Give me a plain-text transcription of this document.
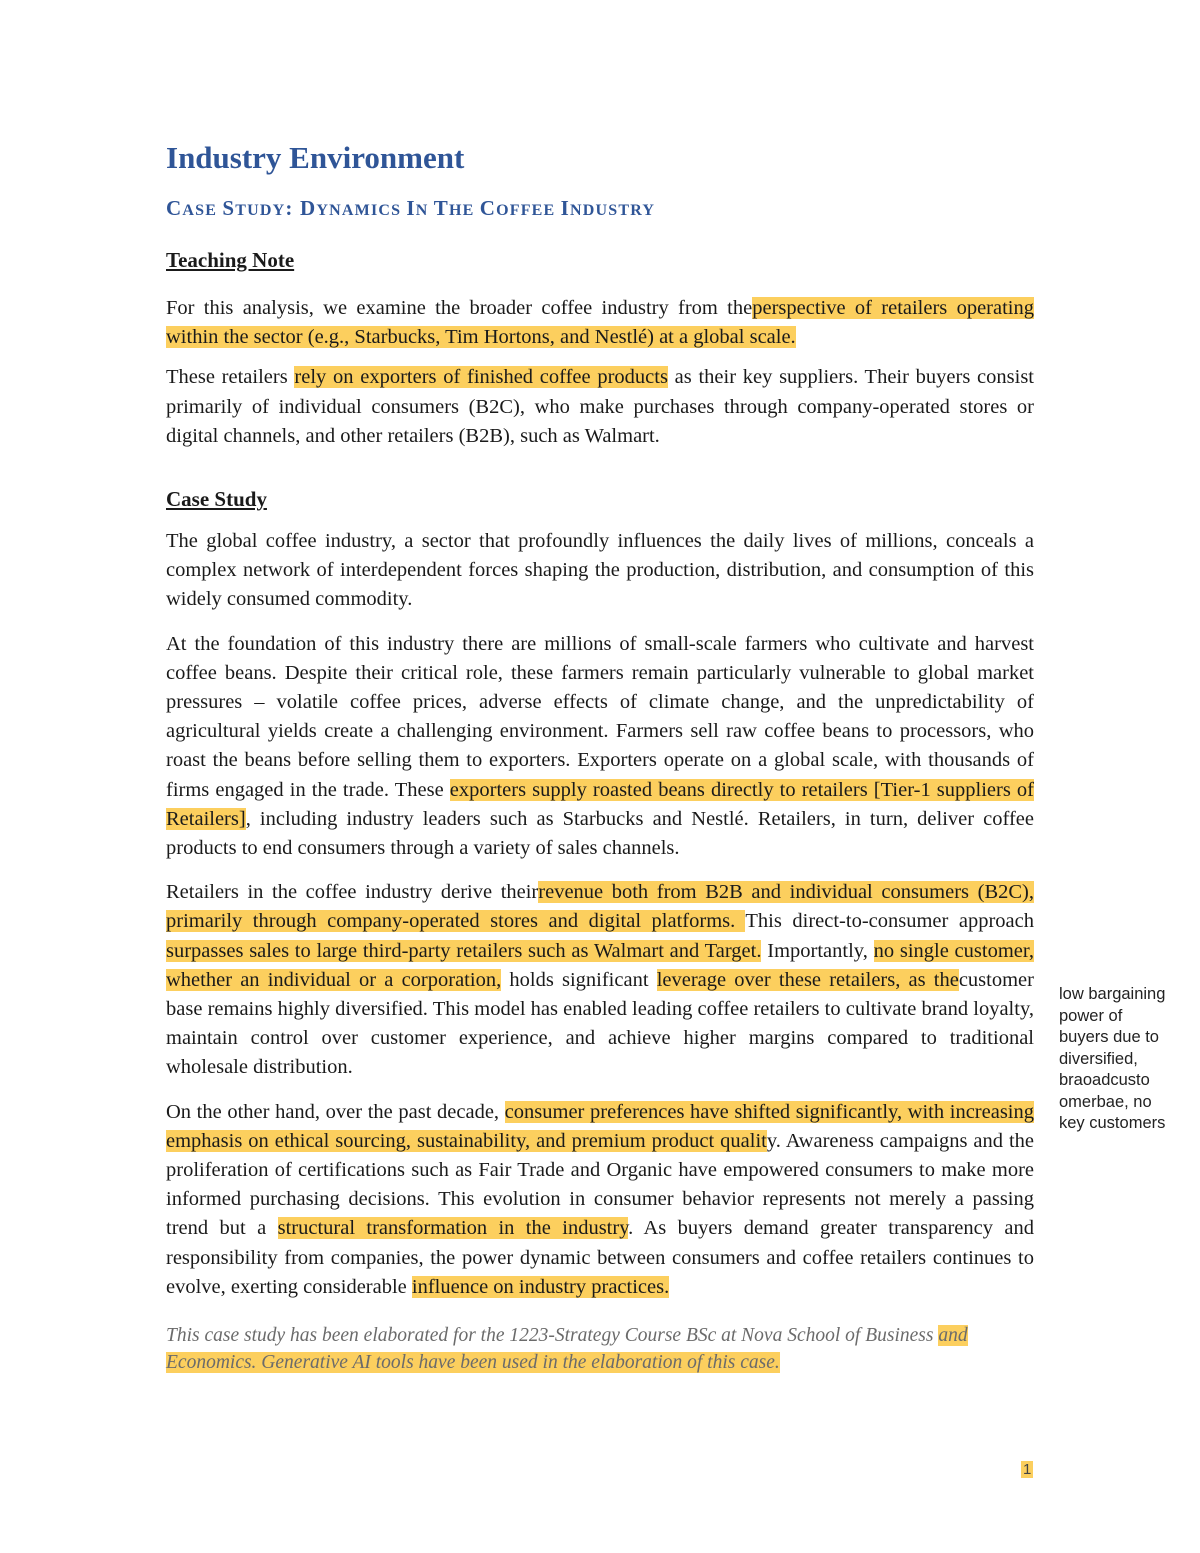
Industry Environment
CASE STUDY: DYNAMICS IN THE COFFEE INDUSTRY
Teaching Note

For this analysis, we examine the broader coffee industry from theperspective of retailers operating within the sector (e.g., Starbucks, Tim Hortons, and Nestlé) at a global scale.

These retailers rely on exporters of finished coffee products as their key suppliers. Their buyers consist primarily of individual consumers (B2C), who make purchases through company-operated stores or digital channels, and other retailers (B2B), such as Walmart.

Case Study

The global coffee industry, a sector that profoundly influences the daily lives of millions, conceals a complex network of interdependent forces shaping the production, distribution, and consumption of this widely consumed commodity.

At the foundation of this industry there are millions of small-scale farmers who cultivate and harvest coffee beans. Despite their critical role, these farmers remain particularly vulnerable to global market pressures – volatile coffee prices, adverse effects of climate change, and the unpredictability of agricultural yields create a challenging environment. Farmers sell raw coffee beans to processors, who roast the beans before selling them to exporters. Exporters operate on a global scale, with thousands of firms engaged in the trade. These exporters supply roasted beans directly to retailers [Tier-1 suppliers of Retailers], including industry leaders such as Starbucks and Nestlé. Retailers, in turn, deliver coffee products to end consumers through a variety of sales channels.

Retailers in the coffee industry derive theirrevenue both from B2B and individual consumers (B2C), primarily through company-operated stores and digital platforms. This direct-to-consumer approach surpasses sales to large third-party retailers such as Walmart and Target. Importantly, no single customer, whether an individual or a corporation, holds significant leverage over these retailers, as thecustomer base remains highly diversified. This model has enabled leading coffee retailers to cultivate brand loyalty, maintain control over customer experience, and achieve higher margins compared to traditional wholesale distribution.

On the other hand, over the past decade, consumer preferences have shifted significantly, with increasing emphasis on ethical sourcing, sustainability, and premium product quality. Awareness campaigns and the proliferation of certifications such as Fair Trade and Organic have empowered consumers to make more informed purchasing decisions. This evolution in consumer behavior represents not merely a passing trend but a structural transformation in the industry. As buyers demand greater transparency and responsibility from companies, the power dynamic between consumers and coffee retailers continues to evolve, exerting considerable influence on industry practices.

This case study has been elaborated for the 1223-Strategy Course BSc at Nova School of Business and Economics. Generative AI tools have been used in the elaboration of this case.

low bargaining power of buyers due to diversified, braoadcusto omerbae, no key customers
1
